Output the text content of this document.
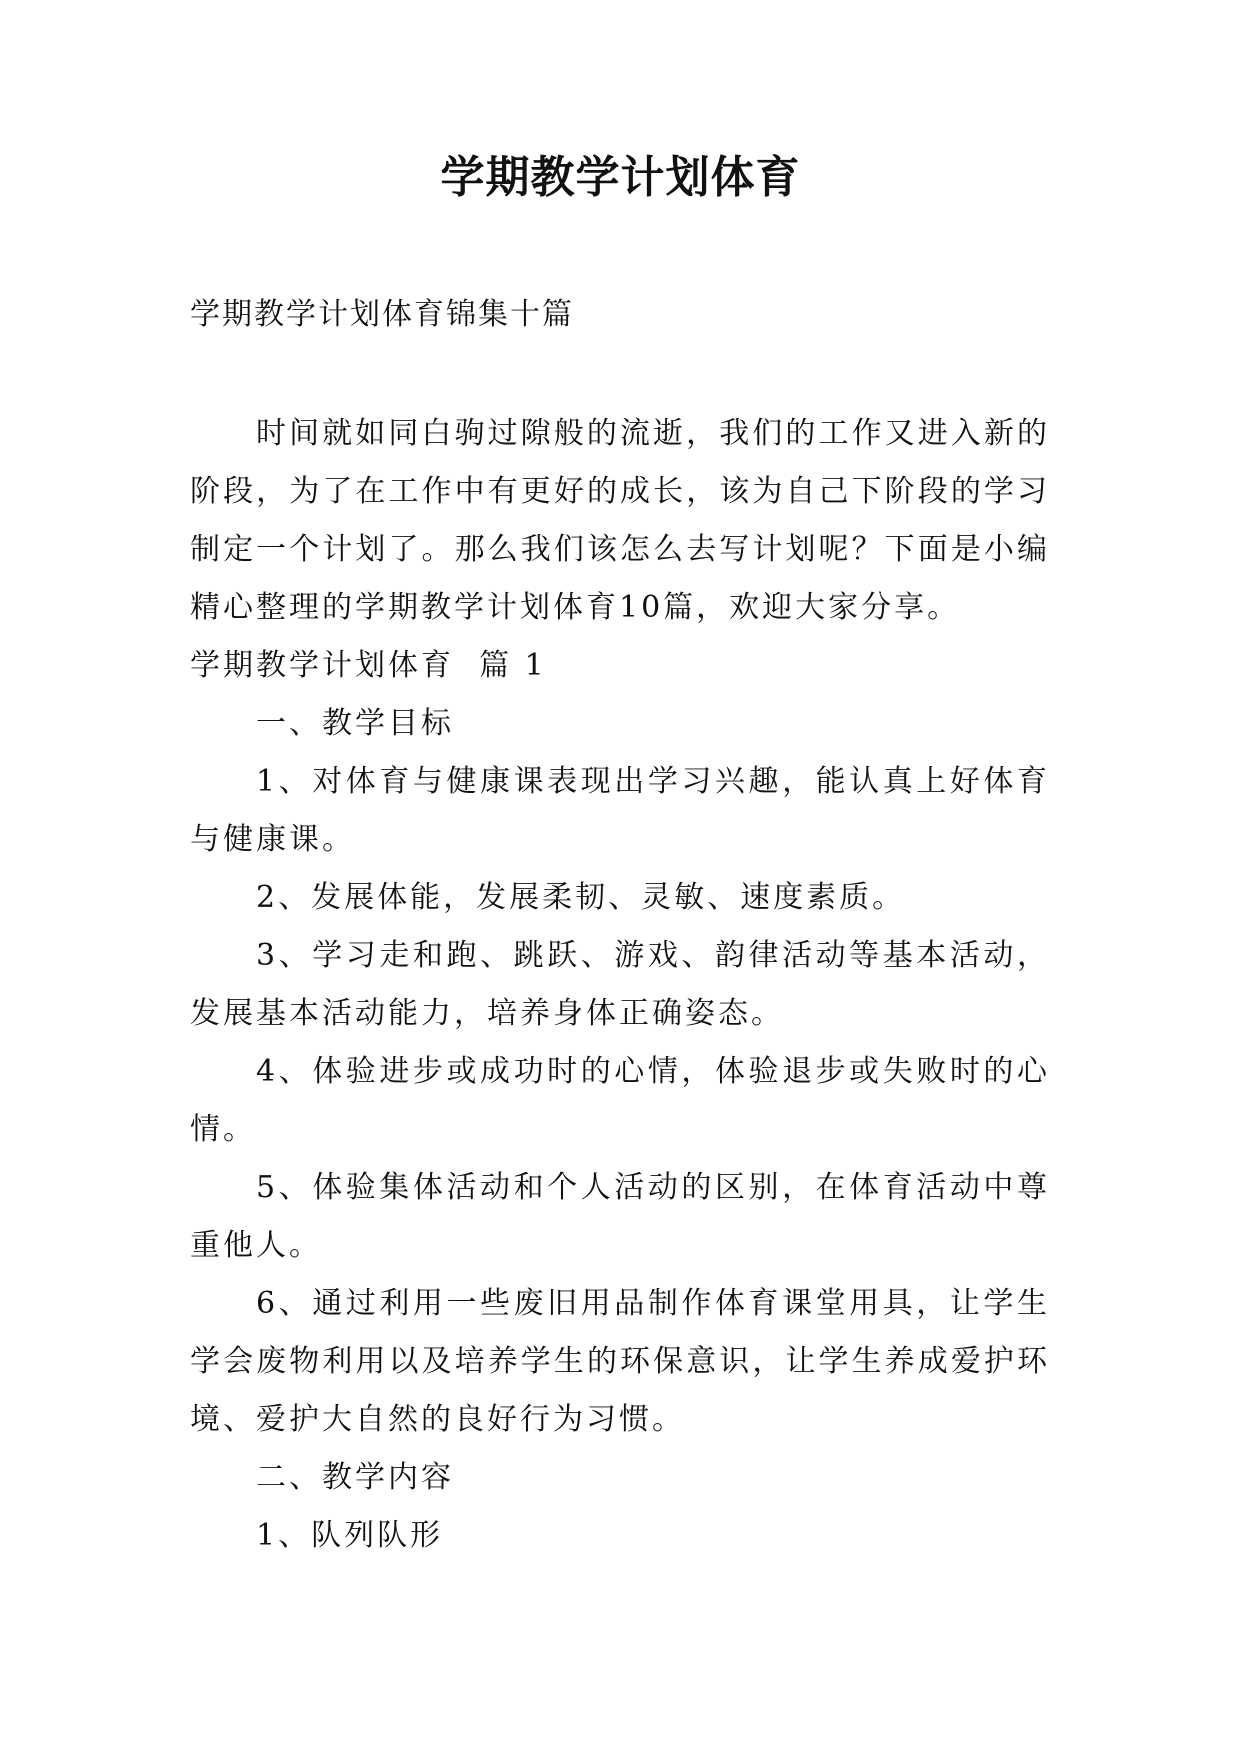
学期教学计划体育
学期教学计划体育锦集十篇

时间就如同白驹过隙般的流逝，我们的工作又进入新的阶段，为了在工作中有更好的成长，该为自己下阶段的学习制定一个计划了。那么我们该怎么去写计划呢？下面是小编精心整理的学期教学计划体育10篇，欢迎大家分享。

学期教学计划体育  篇 1

一、教学目标

1、对体育与健康课表现出学习兴趣，能认真上好体育与健康课。

2、发展体能，发展柔韧、灵敏、速度素质。

3、学习走和跑、跳跃、游戏、韵律活动等基本活动，发展基本活动能力，培养身体正确姿态。

4、体验进步或成功时的心情，体验退步或失败时的心情。

5、体验集体活动和个人活动的区别，在体育活动中尊重他人。

6、通过利用一些废旧用品制作体育课堂用具，让学生学会废物利用以及培养学生的环保意识，让学生养成爱护环境、爱护大自然的良好行为习惯。

二、教学内容

1、队列队形
